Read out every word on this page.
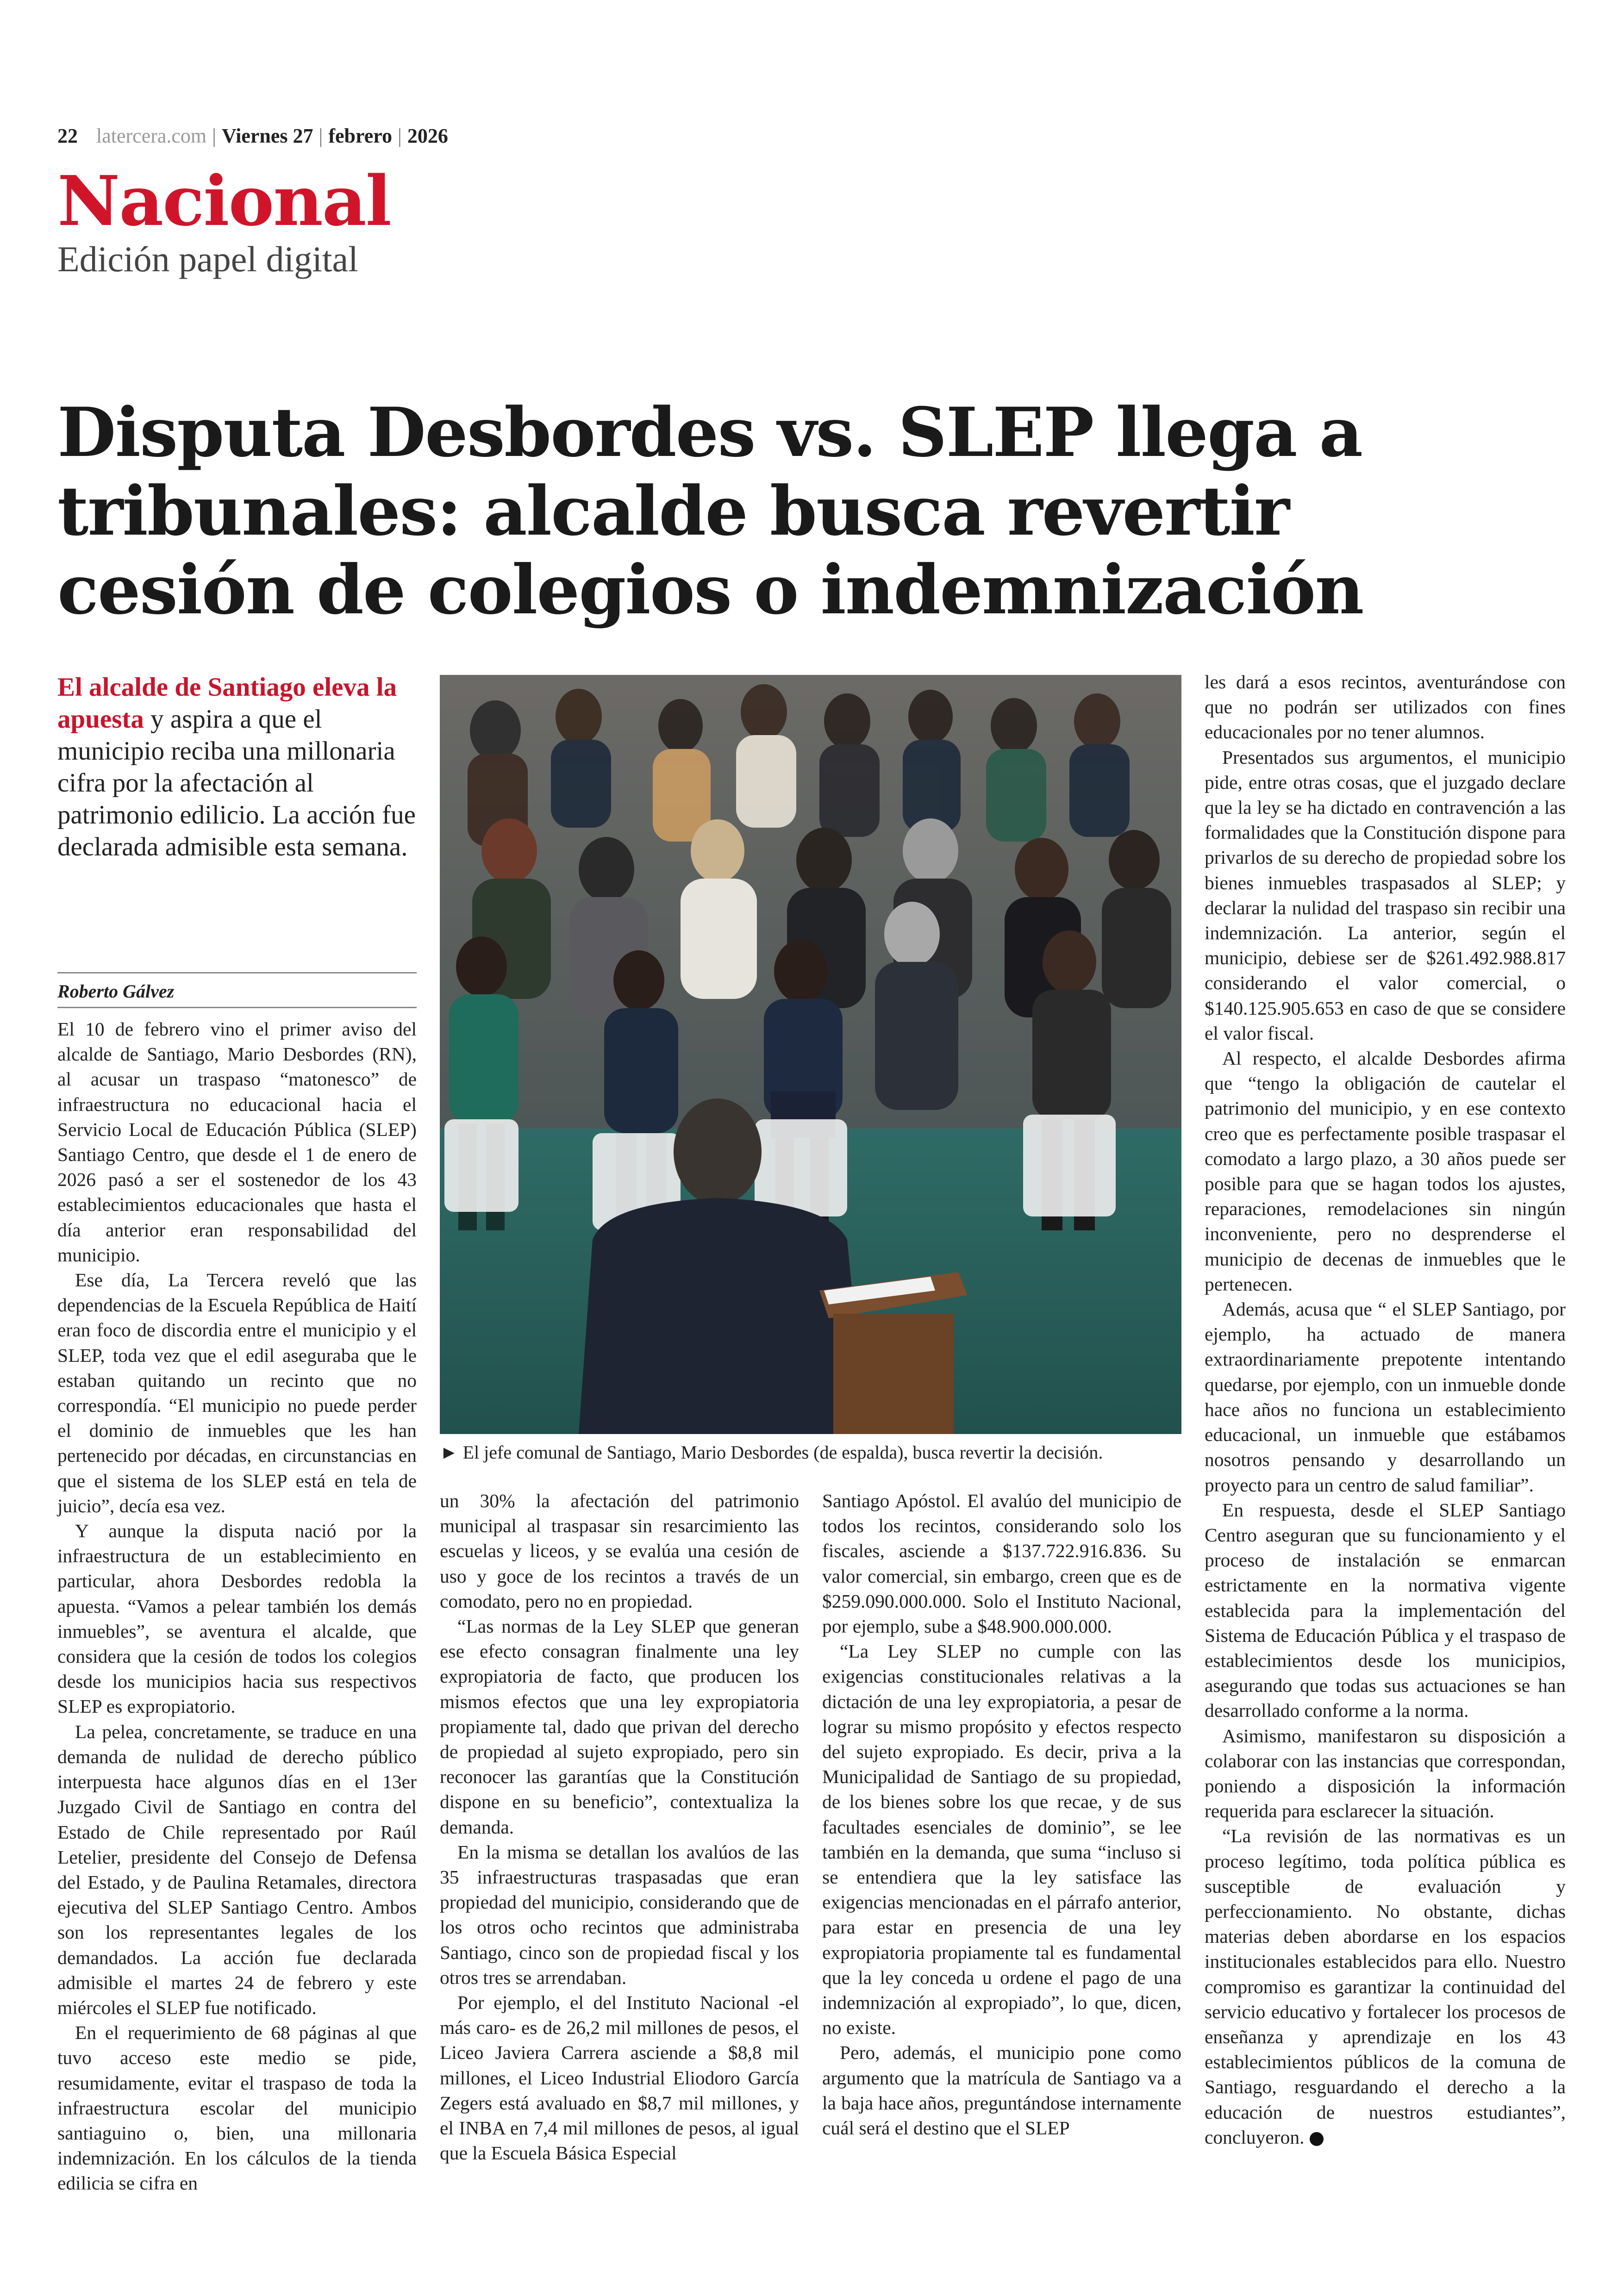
22 latercera.com | Viernes 27 | febrero | 2026
Nacional
Edición papel digital
Disputa Desbordes vs. SLEP llega a
tribunales: alcalde busca revertir
cesión de colegios o indemnización
El alcalde de Santiago eleva la apuesta y aspira a que el municipio reciba una millonaria cifra por la afectación al patrimonio edilicio. La acción fue declarada admisible esta semana.
Roberto Gálvez

El 10 de febrero vino el primer aviso del alcalde de Santiago, Mario Desbordes (RN), al acusar un traspaso “matonesco” de infraestructura no educacional hacia el Servicio Local de Educación Pública (SLEP) Santiago Centro, que desde el 1 de enero de 2026 pasó a ser el sostenedor de los 43 establecimientos educacionales que hasta el día anterior eran responsabilidad del municipio.

Ese día, La Tercera reveló que las dependencias de la Escuela República de Haití eran foco de discordia entre el municipio y el SLEP, toda vez que el edil aseguraba que le estaban quitando un recinto que no correspondía. “El municipio no puede perder el dominio de inmuebles que les han pertenecido por décadas, en circunstancias en que el sistema de los SLEP está en tela de juicio”, decía esa vez.

Y aunque la disputa nació por la infraestructura de un establecimiento en particular, ahora Desbordes redobla la apuesta. “Vamos a pelear también los demás inmuebles”, se aventura el alcalde, que considera que la cesión de todos los colegios desde los municipios hacia sus respectivos SLEP es expropiatorio.

La pelea, concretamente, se traduce en una demanda de nulidad de derecho público interpuesta hace algunos días en el 13er Juzgado Civil de Santiago en contra del Estado de Chile representado por Raúl Letelier, presidente del Consejo de Defensa del Estado, y de Paulina Retamales, directora ejecutiva del SLEP Santiago Centro. Ambos son los representantes legales de los demandados. La acción fue declarada admisible el martes 24 de febrero y este miércoles el SLEP fue notificado.

En el requerimiento de 68 páginas al que tuvo acceso este medio se pide, resumidamente, evitar el traspaso de toda la infraestructura escolar del municipio santiaguino o, bien, una millonaria indemnización. En los cálculos de la tienda edilicia se cifra en

► El jefe comunal de Santiago, Mario Desbordes (de espalda), busca revertir la decisión.

un 30% la afectación del patrimonio municipal al traspasar sin resarcimiento las escuelas y liceos, y se evalúa una cesión de uso y goce de los recintos a través de un comodato, pero no en propiedad.

“Las normas de la Ley SLEP que generan ese efecto consagran finalmente una ley expropiatoria de facto, que producen los mismos efectos que una ley expropiatoria propiamente tal, dado que privan del derecho de propiedad al sujeto expropiado, pero sin reconocer las garantías que la Constitución dispone en su beneficio”, contextualiza la demanda.

En la misma se detallan los avalúos de las 35 infraestructuras traspasadas que eran propiedad del municipio, considerando que de los otros ocho recintos que administraba Santiago, cinco son de propiedad fiscal y los otros tres se arrendaban.

Por ejemplo, el del Instituto Nacional -el más caro- es de 26,2 mil millones de pesos, el Liceo Javiera Carrera asciende a $8,8 mil millones, el Liceo Industrial Eliodoro García Zegers está avaluado en $8,7 mil millones, y el INBA en 7,4 mil millones de pesos, al igual que la Escuela Básica Especial

Santiago Apóstol. El avalúo del municipio de todos los recintos, considerando solo los fiscales, asciende a $137.722.916.836. Su valor comercial, sin embargo, creen que es de $259.090.000.000. Solo el Instituto Nacional, por ejemplo, sube a $48.900.000.000.

“La Ley SLEP no cumple con las exigencias constitucionales relativas a la dictación de una ley expropiatoria, a pesar de lograr su mismo propósito y efectos respecto del sujeto expropiado. Es decir, priva a la Municipalidad de Santiago de su propiedad, de los bienes sobre los que recae, y de sus facultades esenciales de dominio”, se lee también en la demanda, que suma “incluso si se entendiera que la ley satisface las exigencias mencionadas en el párrafo anterior, para estar en presencia de una ley expropiatoria propiamente tal es fundamental que la ley conceda u ordene el pago de una indemnización al expropiado”, lo que, dicen, no existe.

Pero, además, el municipio pone como argumento que la matrícula de Santiago va a la baja hace años, preguntándose internamente cuál será el destino que el SLEP

les dará a esos recintos, aventurándose con que no podrán ser utilizados con fines educacionales por no tener alumnos.

Presentados sus argumentos, el municipio pide, entre otras cosas, que el juzgado declare que la ley se ha dictado en contravención a las formalidades que la Constitución dispone para privarlos de su derecho de propiedad sobre los bienes inmuebles traspasados al SLEP; y declarar la nulidad del traspaso sin recibir una indemnización. La anterior, según el municipio, debiese ser de $261.492.988.817 considerando el valor comercial, o $140.125.905.653 en caso de que se considere el valor fiscal.

Al respecto, el alcalde Desbordes afirma que “tengo la obligación de cautelar el patrimonio del municipio, y en ese contexto creo que es perfectamente posible traspasar el comodato a largo plazo, a 30 años puede ser posible para que se hagan todos los ajustes, reparaciones, remodelaciones sin ningún inconveniente, pero no desprenderse el municipio de decenas de inmuebles que le pertenecen.

Además, acusa que “ el SLEP Santiago, por ejemplo, ha actuado de manera extraordinariamente prepotente intentando quedarse, por ejemplo, con un inmueble donde hace años no funciona un establecimiento educacional, un inmueble que estábamos nosotros pensando y desarrollando un proyecto para un centro de salud familiar”.

En respuesta, desde el SLEP Santiago Centro aseguran que su funcionamiento y el proceso de instalación se enmarcan estrictamente en la normativa vigente establecida para la implementación del Sistema de Educación Pública y el traspaso de establecimientos desde los municipios, asegurando que todas sus actuaciones se han desarrollado conforme a la norma.

Asimismo, manifestaron su disposición a colaborar con las instancias que correspondan, poniendo a disposición la información requerida para esclarecer la situación.

“La revisión de las normativas es un proceso legítimo, toda política pública es susceptible de evaluación y perfeccionamiento. No obstante, dichas materias deben abordarse en los espacios institucionales establecidos para ello. Nuestro compromiso es garantizar la continuidad del servicio educativo y fortalecer los procesos de enseñanza y aprendizaje en los 43 establecimientos públicos de la comuna de Santiago, resguardando el derecho a la educación de nuestros estudiantes”, concluyeron.
